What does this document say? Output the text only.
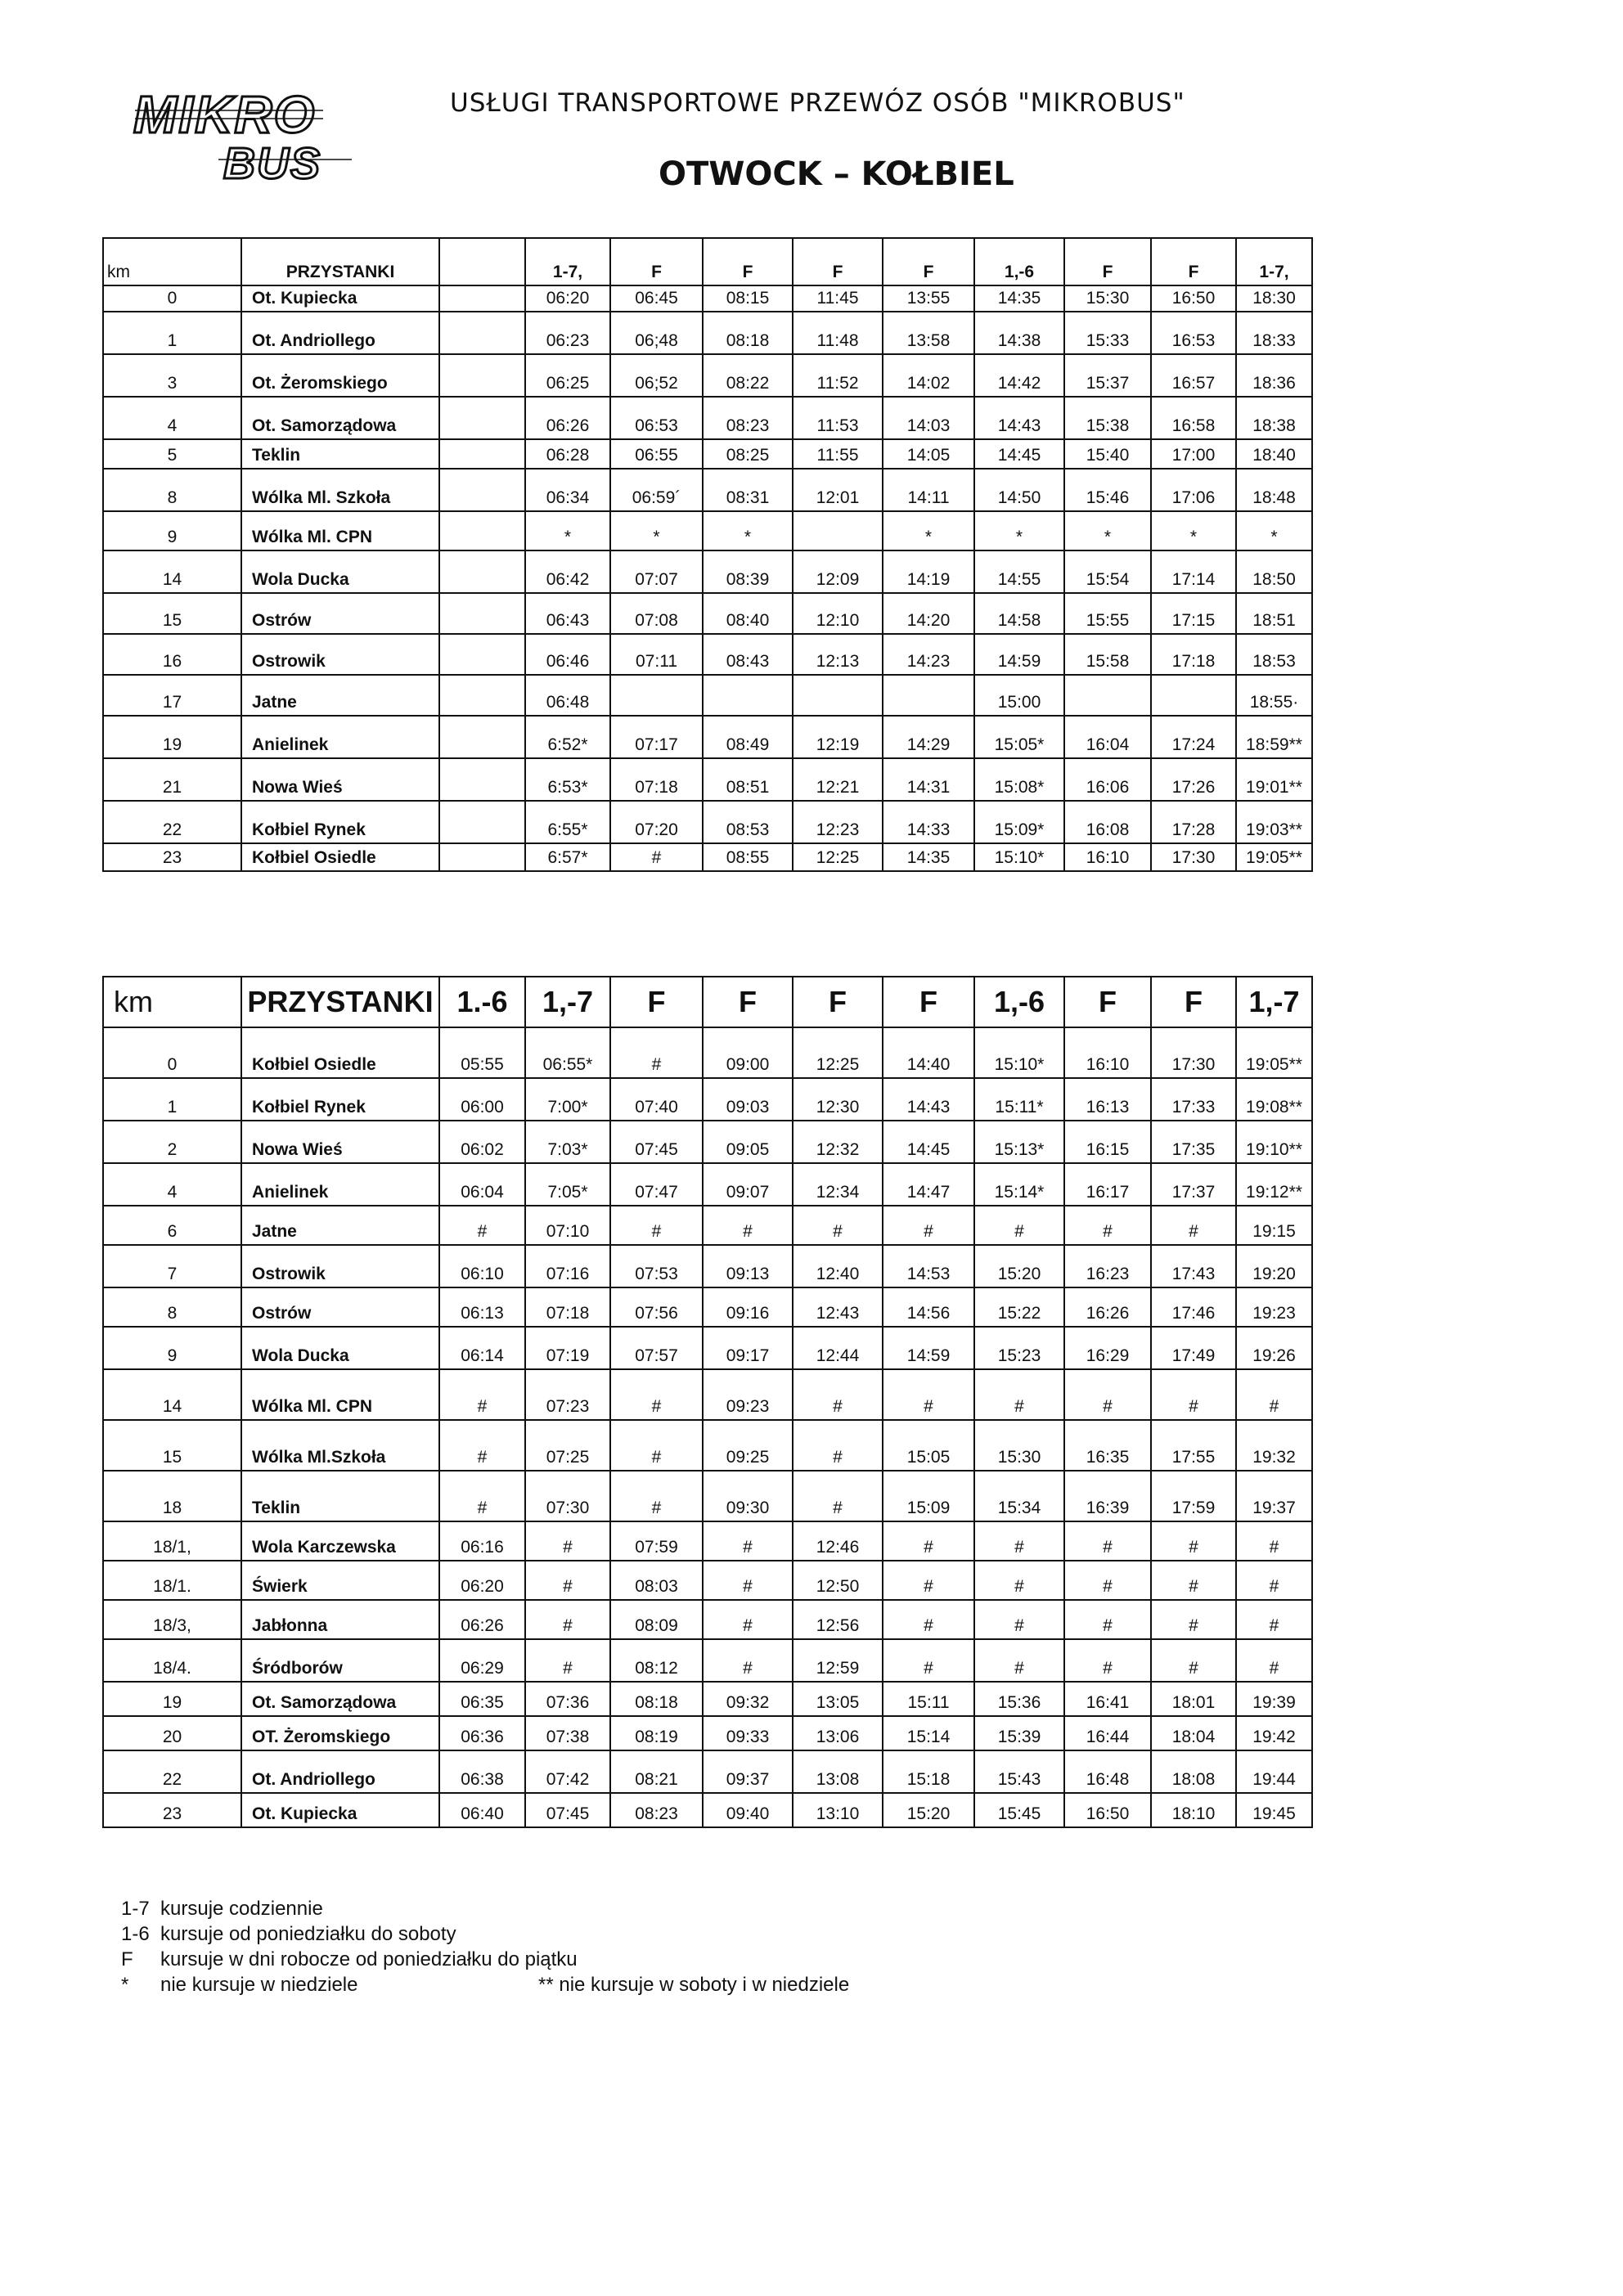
MIKRO
BUS
USŁUGI TRANSPORTOWE PRZEWÓZ OSÓB "MIKROBUS"
OTWOCK – KOŁBIEL
km	PRZYSTANKI		1-7,	F	F	F	F	1,-6	F	F	1-7,
0	Ot. Kupiecka		06:20	06:45	08:15	11:45	13:55	14:35	15:30	16:50	18:30
1	Ot. Andriollego		06:23	06;48	08:18	11:48	13:58	14:38	15:33	16:53	18:33
3	Ot. Żeromskiego		06:25	06;52	08:22	11:52	14:02	14:42	15:37	16:57	18:36
4	Ot. Samorządowa		06:26	06:53	08:23	11:53	14:03	14:43	15:38	16:58	18:38
5	Teklin		06:28	06:55	08:25	11:55	14:05	14:45	15:40	17:00	18:40
8	Wólka Ml. Szkoła		06:34	06:59´	08:31	12:01	14:11	14:50	15:46	17:06	18:48
9	Wólka Ml. CPN		*	*	*		*	*	*	*	*
14	Wola Ducka		06:42	07:07	08:39	12:09	14:19	14:55	15:54	17:14	18:50
15	Ostrów		06:43	07:08	08:40	12:10	14:20	14:58	15:55	17:15	18:51
16	Ostrowik		06:46	07:11	08:43	12:13	14:23	14:59	15:58	17:18	18:53
17	Jatne		06:48					15:00			18:55·
19	Anielinek		6:52*	07:17	08:49	12:19	14:29	15:05*	16:04	17:24	18:59**
21	Nowa Wieś		6:53*	07:18	08:51	12:21	14:31	15:08*	16:06	17:26	19:01**
22	Kołbiel Rynek		6:55*	07:20	08:53	12:23	14:33	15:09*	16:08	17:28	19:03**
23	Kołbiel Osiedle		6:57*	#	08:55	12:25	14:35	15:10*	16:10	17:30	19:05**
km	PRZYSTANKI	1.-6	1,-7	F	F	F	F	1,-6	F	F	1,-7
0	Kołbiel Osiedle	05:55	06:55*	#	09:00	12:25	14:40	15:10*	16:10	17:30	19:05**
1	Kołbiel Rynek	06:00	7:00*	07:40	09:03	12:30	14:43	15:11*	16:13	17:33	19:08**
2	Nowa Wieś	06:02	7:03*	07:45	09:05	12:32	14:45	15:13*	16:15	17:35	19:10**
4	Anielinek	06:04	7:05*	07:47	09:07	12:34	14:47	15:14*	16:17	17:37	19:12**
6	Jatne	#	07:10	#	#	#	#	#	#	#	19:15
7	Ostrowik	06:10	07:16	07:53	09:13	12:40	14:53	15:20	16:23	17:43	19:20
8	Ostrów	06:13	07:18	07:56	09:16	12:43	14:56	15:22	16:26	17:46	19:23
9	Wola Ducka	06:14	07:19	07:57	09:17	12:44	14:59	15:23	16:29	17:49	19:26
14	Wólka Ml. CPN	#	07:23	#	09:23	#	#	#	#	#	#
15	Wólka Ml.Szkoła	#	07:25	#	09:25	#	15:05	15:30	16:35	17:55	19:32
18	Teklin	#	07:30	#	09:30	#	15:09	15:34	16:39	17:59	19:37
18/1,	Wola Karczewska	06:16	#	07:59	#	12:46	#	#	#	#	#
18/1.	Świerk	06:20	#	08:03	#	12:50	#	#	#	#	#
18/3,	Jabłonna	06:26	#	08:09	#	12:56	#	#	#	#	#
18/4.	Śródborów	06:29	#	08:12	#	12:59	#	#	#	#	#
19	Ot. Samorządowa	06:35	07:36	08:18	09:32	13:05	15:11	15:36	16:41	18:01	19:39
20	OT. Żeromskiego	06:36	07:38	08:19	09:33	13:06	15:14	15:39	16:44	18:04	19:42
22	Ot. Andriollego	06:38	07:42	08:21	09:37	13:08	15:18	15:43	16:48	18:08	19:44
23	Ot. Kupiecka	06:40	07:45	08:23	09:40	13:10	15:20	15:45	16:50	18:10	19:45
1-7 kursuje codziennie
1-6 kursuje od poniedziałku do soboty
F kursuje w dni robocze od poniedziałku do piątku
* nie kursuje w niedziele	** nie kursuje w soboty i w niedziele
